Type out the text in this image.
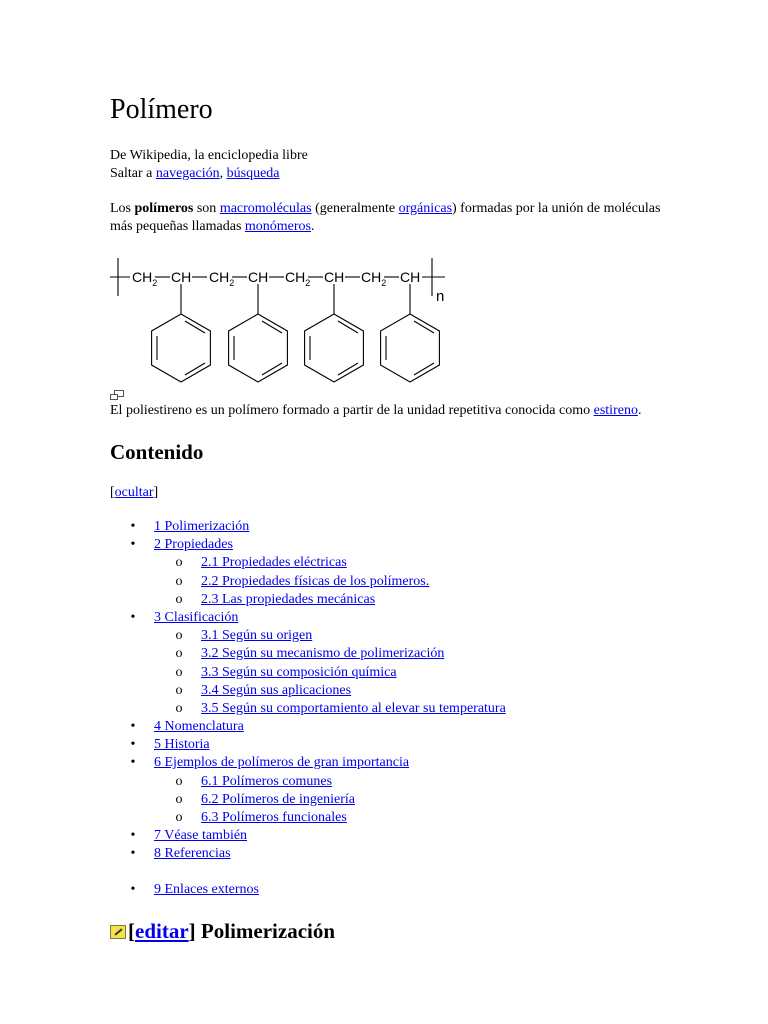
Polímero
De Wikipedia, la enciclopedia libre
Saltar a navegación, búsqueda

Los polímeros son macromoléculas (generalmente orgánicas) formadas por la unión de moléculas más pequeñas llamadas monómeros.

$CH_2$ CH $CH_2$ CH $CH_2$ CH $CH_2$ CH
n

El poliestireno es un polímero formado a partir de la unidad repetitiva conocida como estireno.

Contenido
[ocultar]
•
1 Polimerización
•
2 Propiedades
o
2.1 Propiedades eléctricas
o
2.2 Propiedades físicas de los polímeros.
o
2.3 Las propiedades mecánicas
•
3 Clasificación
o
3.1 Según su origen
o
3.2 Según su mecanismo de polimerización
o
3.3 Según su composición química
o
3.4 Según sus aplicaciones
o
3.5 Según su comportamiento al elevar su temperatura
•
4 Nomenclatura
•
5 Historia
•
6 Ejemplos de polímeros de gran importancia
o
6.1 Polímeros comunes
o
6.2 Polímeros de ingeniería
o
6.3 Polímeros funcionales
•
7 Véase también
•
8 Referencias
•
9 Enlaces externos
[editar] Polimerización
